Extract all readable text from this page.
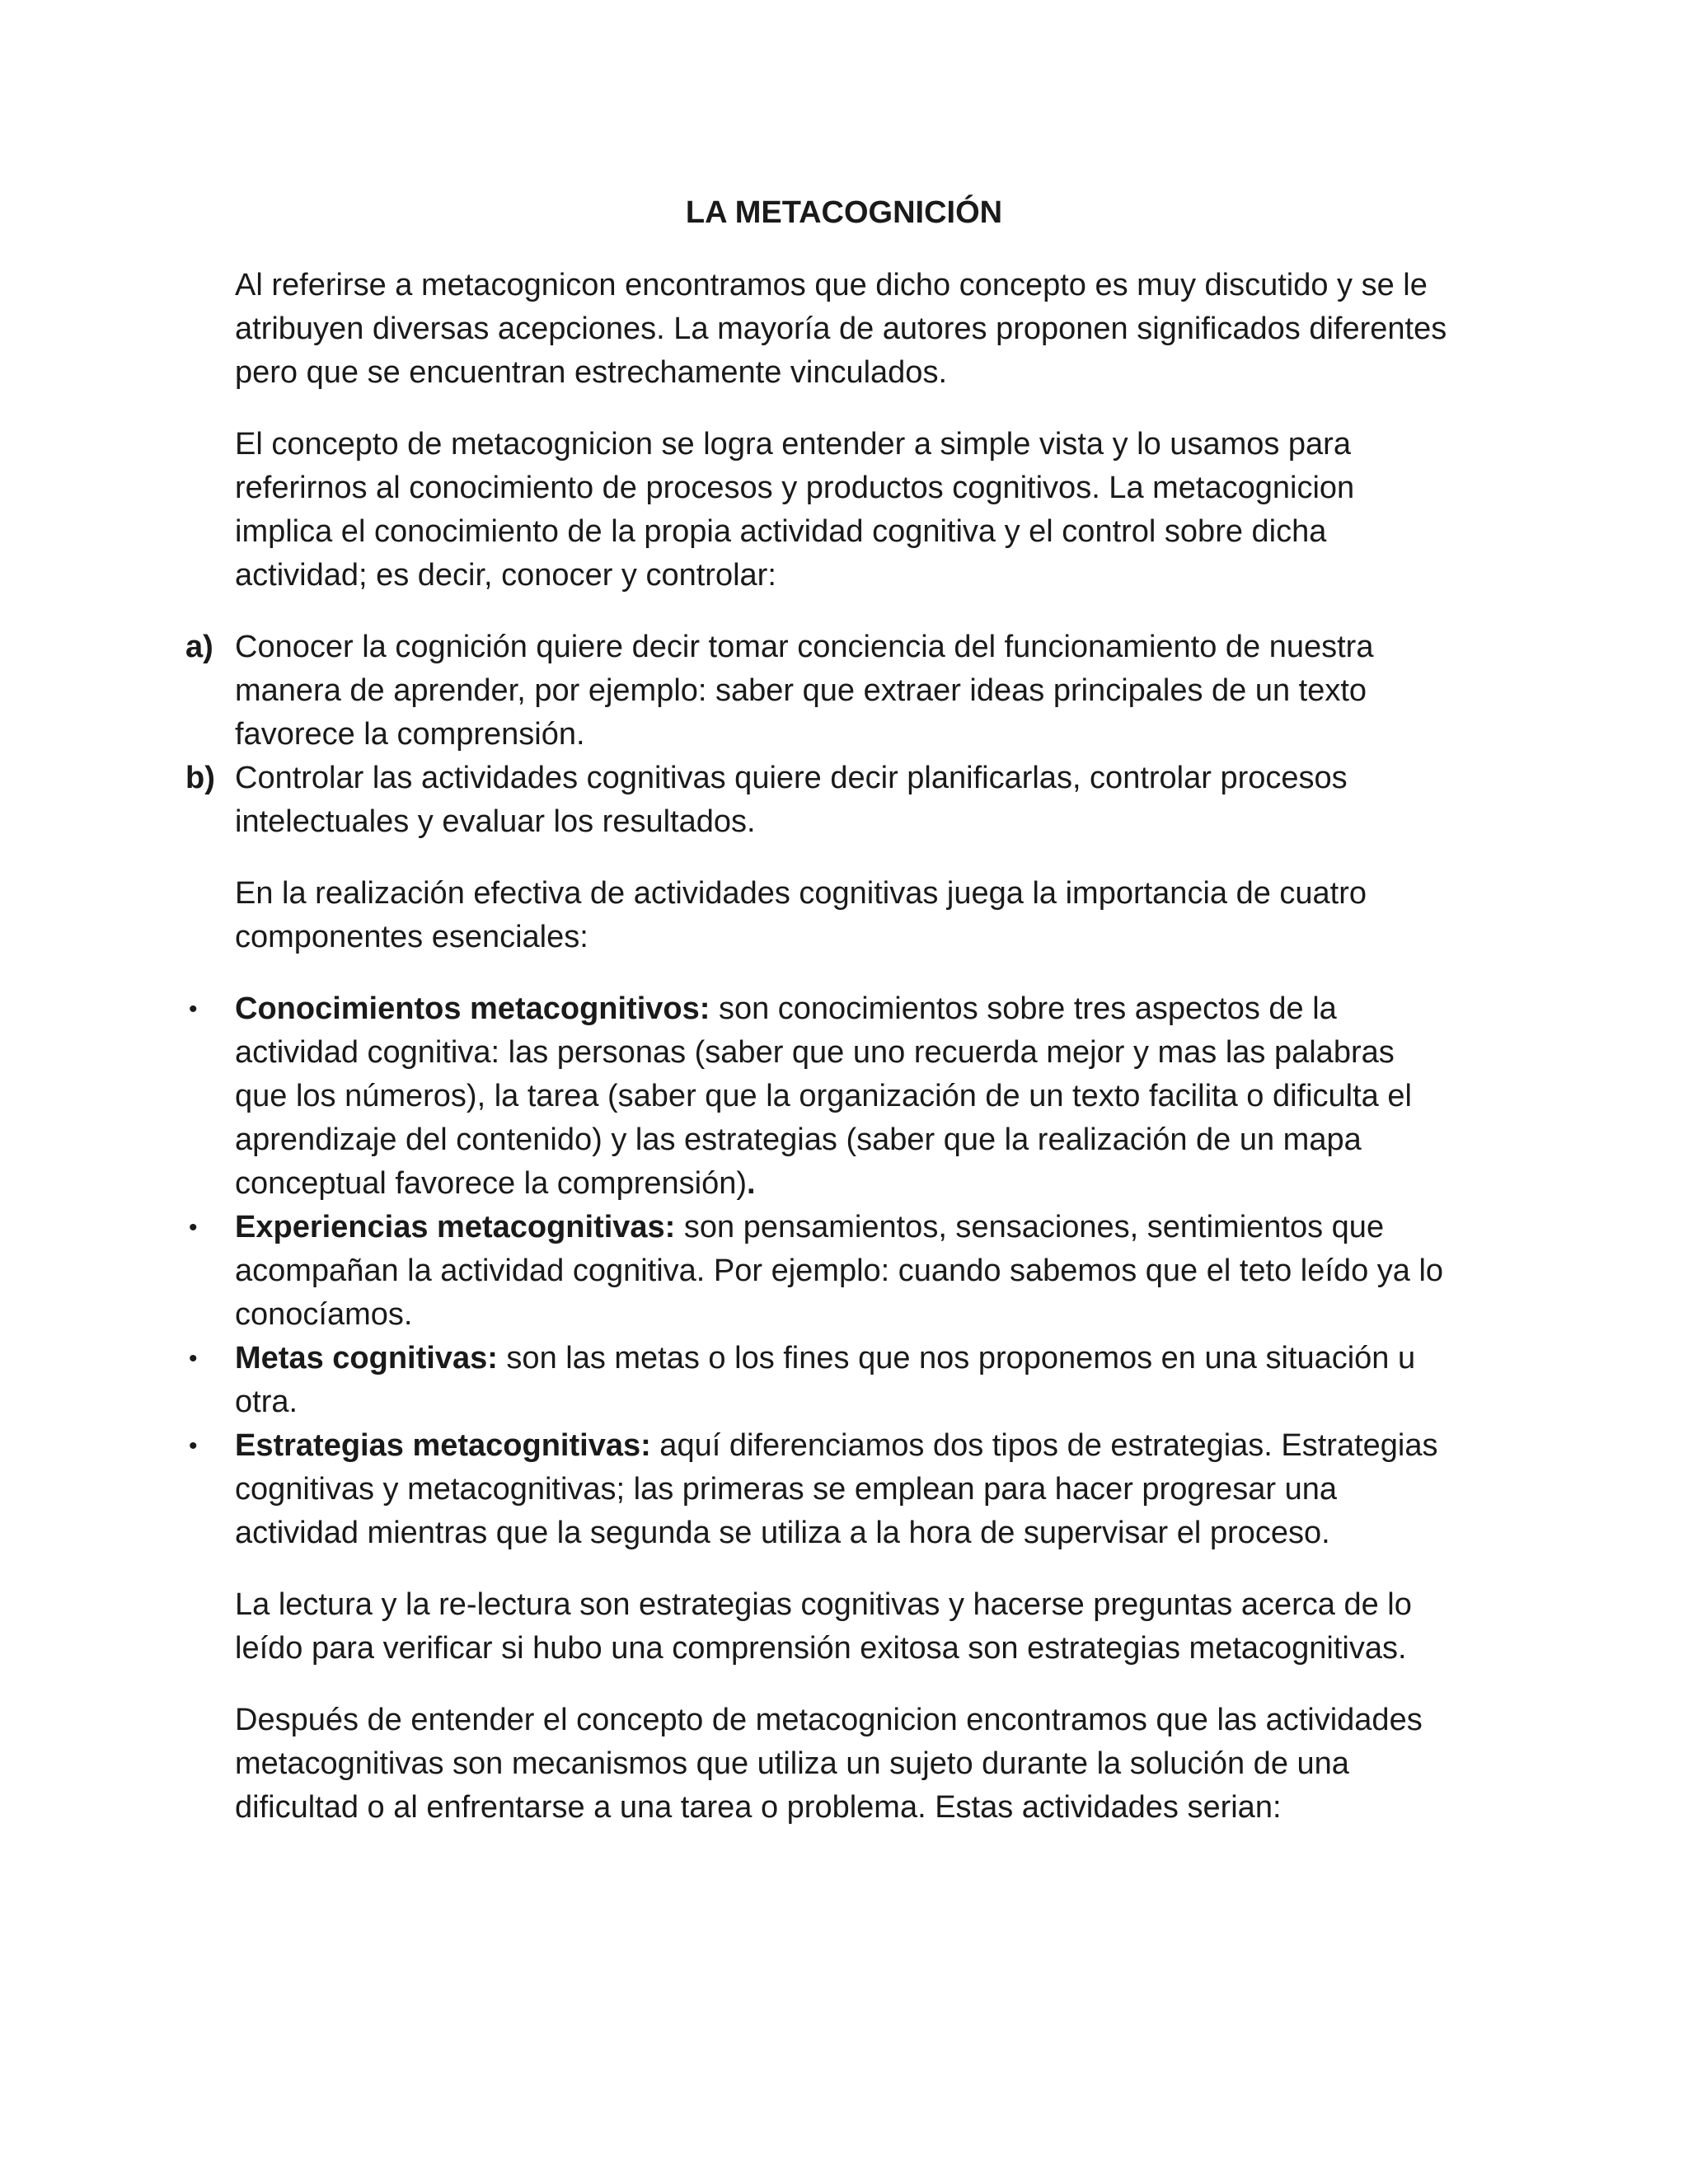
LA METACOGNICIÓN

Al referirse a metacognicon encontramos que dicho concepto es muy discutido y se le atribuyen diversas acepciones. La mayoría de autores proponen significados diferentes pero que se encuentran estrechamente vinculados.

El concepto de metacognicion se logra entender a simple vista y lo usamos para referirnos al conocimiento de procesos y productos cognitivos. La metacognicion implica el conocimiento de la propia actividad cognitiva y el control sobre dicha actividad; es decir, conocer y controlar:

a) Conocer la cognición quiere decir tomar conciencia del funcionamiento de nuestra manera de aprender, por ejemplo: saber que extraer ideas principales de un texto favorece la comprensión.
b) Controlar las actividades cognitivas quiere decir planificarlas, controlar procesos intelectuales y evaluar los resultados.

En la realización efectiva de actividades cognitivas juega la importancia de cuatro componentes esenciales:

• Conocimientos metacognitivos: son conocimientos sobre tres aspectos de la actividad cognitiva: las personas (saber que uno recuerda mejor y mas las palabras que los números), la tarea (saber que la organización de un texto facilita o dificulta el aprendizaje del contenido) y las estrategias (saber que la realización de un mapa conceptual favorece la comprensión).
• Experiencias metacognitivas: son pensamientos, sensaciones, sentimientos que acompañan la actividad cognitiva. Por ejemplo: cuando sabemos que el teto leído ya lo conocíamos.
• Metas cognitivas: son las metas o los fines que nos proponemos en una situación u otra.
• Estrategias metacognitivas: aquí diferenciamos dos tipos de estrategias. Estrategias cognitivas y metacognitivas; las primeras se emplean para hacer progresar una actividad mientras que la segunda se utiliza a la hora de supervisar el proceso.

La lectura y la re-lectura son estrategias cognitivas y hacerse preguntas acerca de lo leído para verificar si hubo una comprensión exitosa son estrategias metacognitivas.

Después de entender el concepto de metacognicion encontramos que las actividades metacognitivas son mecanismos que utiliza un sujeto durante la solución de una dificultad o al enfrentarse a una tarea o problema. Estas actividades serian:
